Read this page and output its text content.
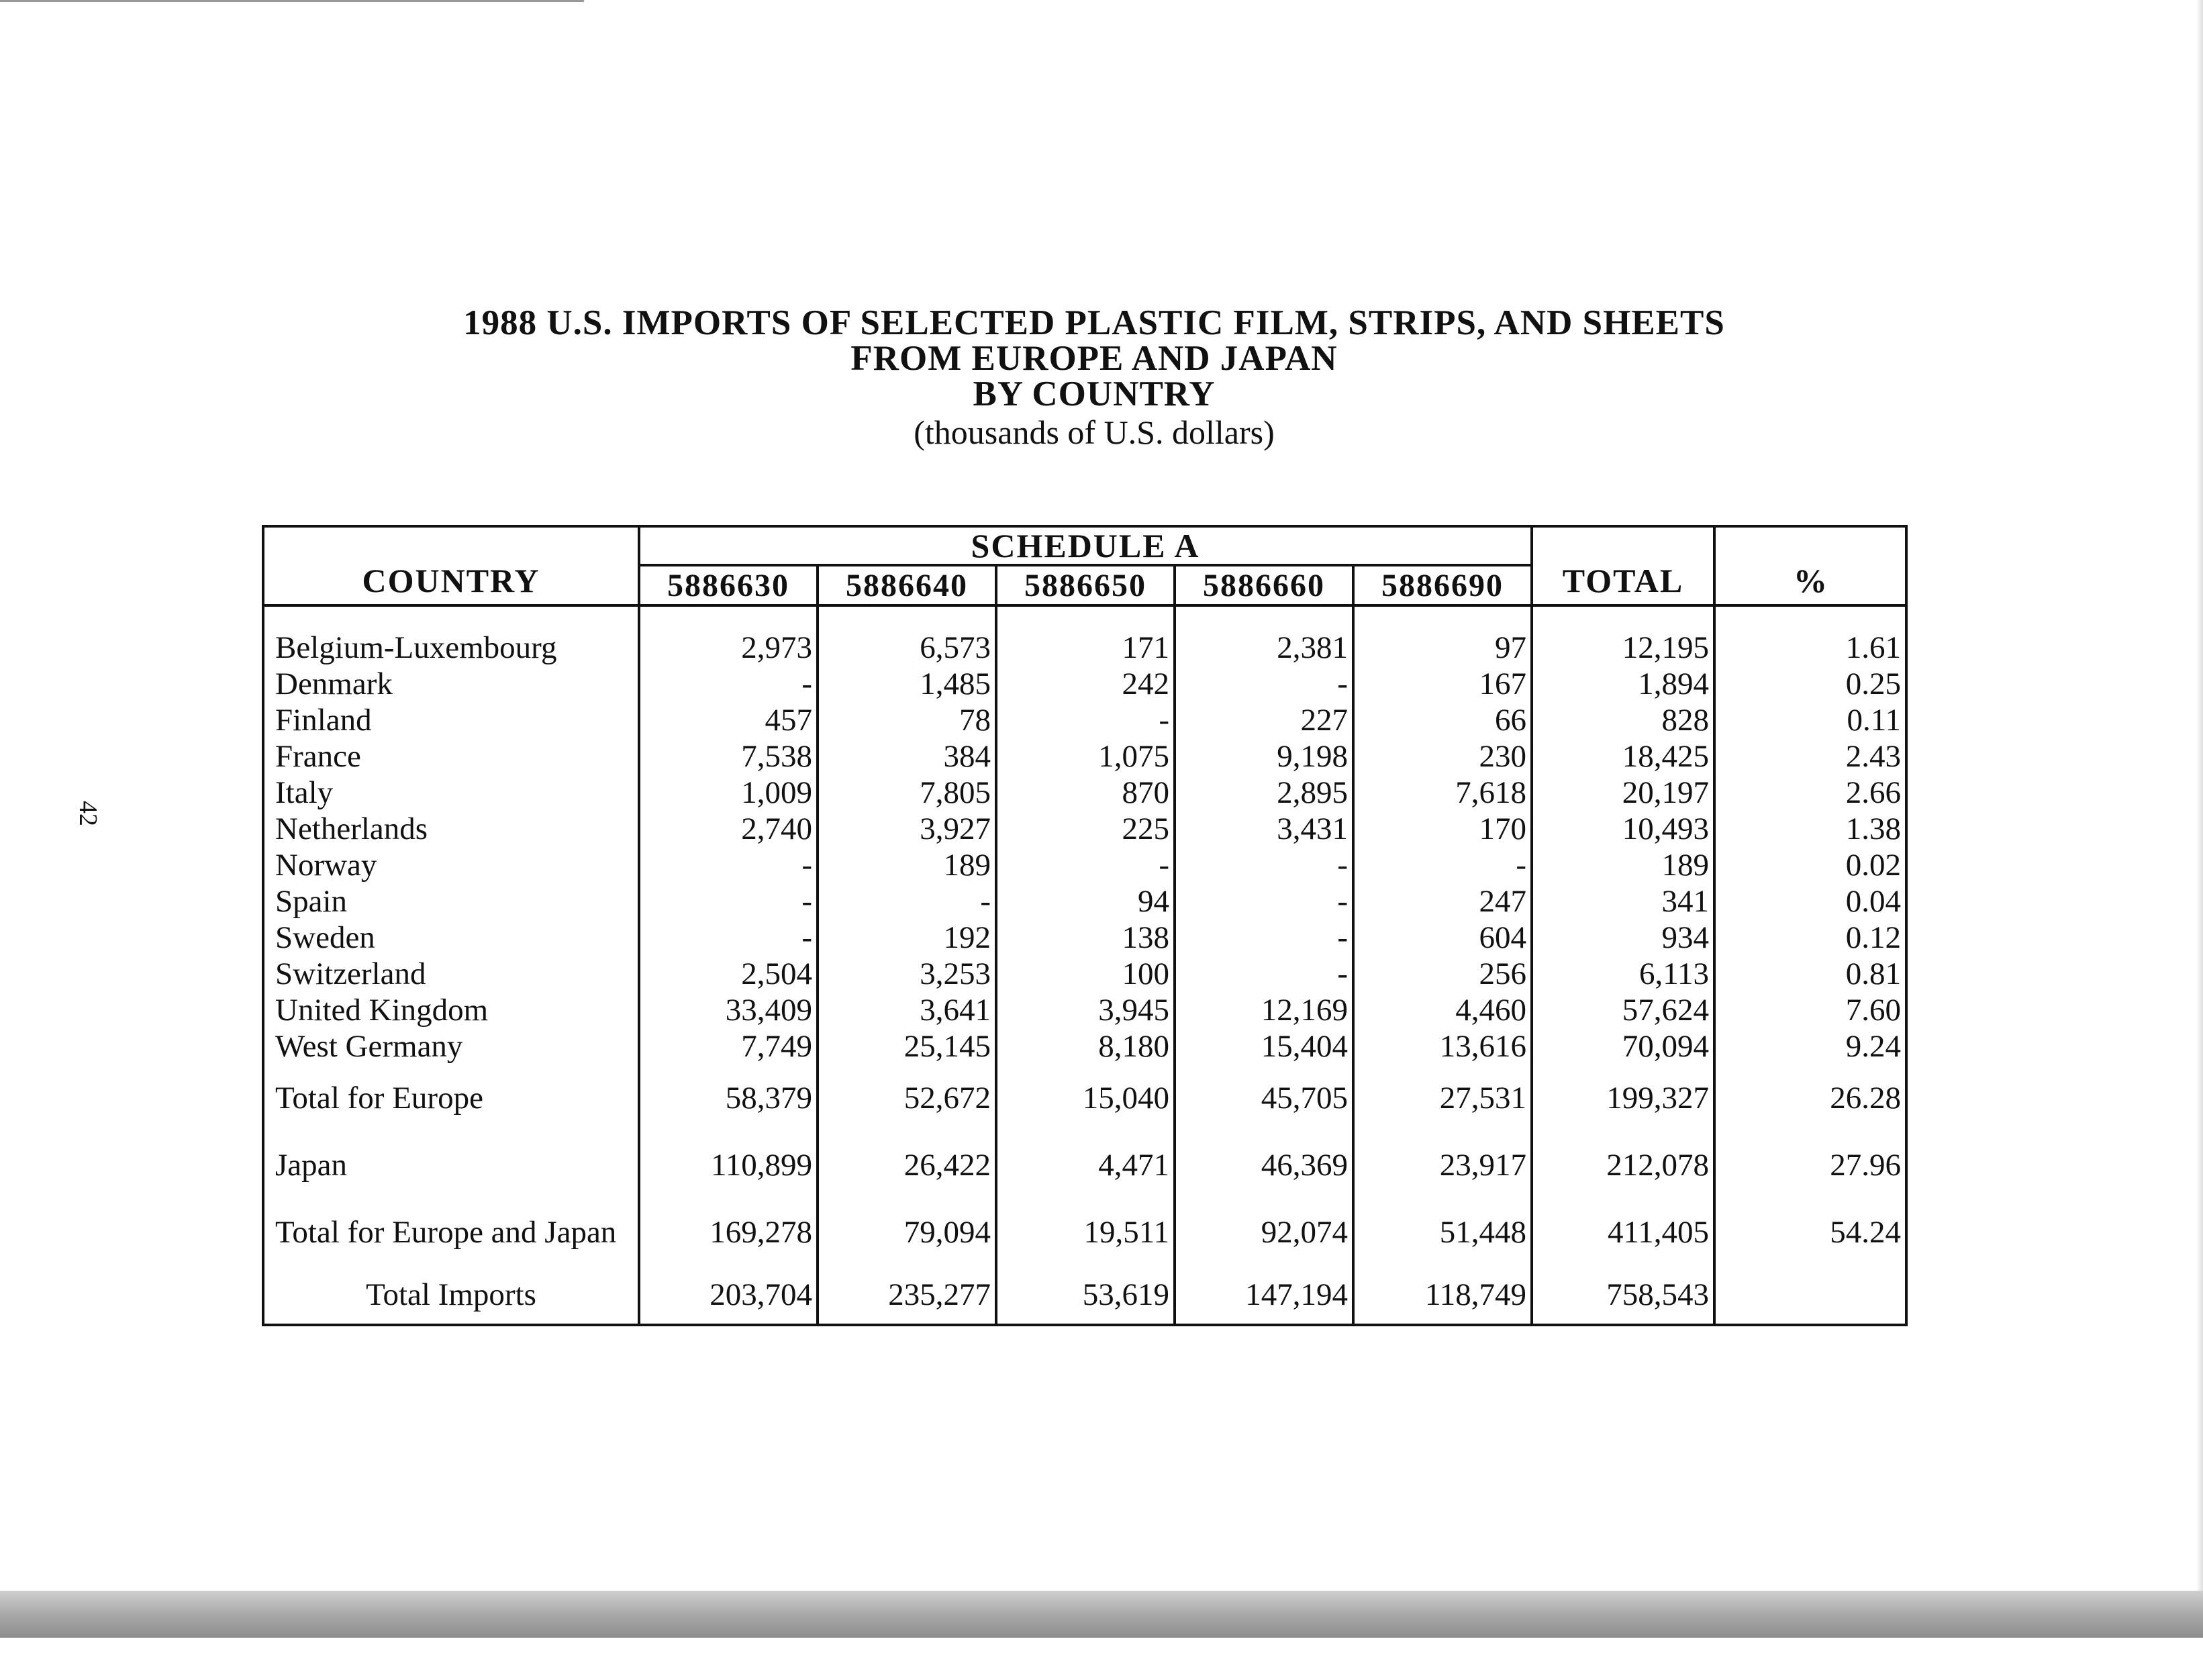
42
1988 U.S. IMPORTS OF SELECTED PLASTIC FILM, STRIPS, AND SHEETS
FROM EUROPE AND JAPAN
BY COUNTRY
(thousands of U.S. dollars)
COUNTRY	SCHEDULE A					TOTAL	%
	5886630	5886640	5886650	5886660	5886690		

Belgium-Luxembourg	2,973	6,573	171	2,381	97	12,195	1.61
Denmark	-	1,485	242	-	167	1,894	0.25
Finland	457	78	-	227	66	828	0.11
France	7,538	384	1,075	9,198	230	18,425	2.43
Italy	1,009	7,805	870	2,895	7,618	20,197	2.66
Netherlands	2,740	3,927	225	3,431	170	10,493	1.38
Norway	-	189	-	-	-	189	0.02
Spain	-	-	94	-	247	341	0.04
Sweden	-	192	138	-	604	934	0.12
Switzerland	2,504	3,253	100	-	256	6,113	0.81
United Kingdom	33,409	3,641	3,945	12,169	4,460	57,624	7.60
West Germany	7,749	25,145	8,180	15,404	13,616	70,094	9.24
Total for Europe	58,379	52,672	15,040	45,705	27,531	199,327	26.28
Japan	110,899	26,422	4,471	46,369	23,917	212,078	27.96
Total for Europe and Japan	169,278	79,094	19,511	92,074	51,448	411,405	54.24
Total Imports	203,704	235,277	53,619	147,194	118,749	758,543	
